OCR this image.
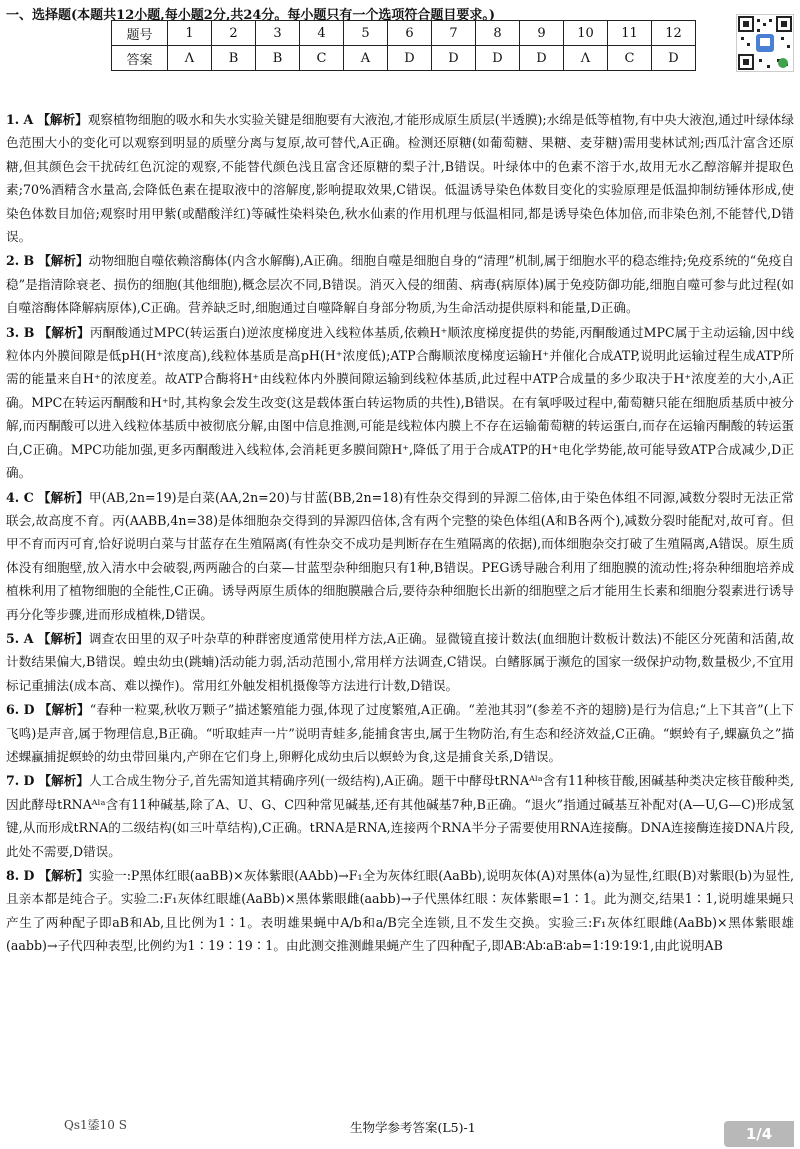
一、选择题(本题共12小题,每小题2分,共24分。每小题只有一个选项符合题目要求。)
题号	1	2	3	4	5	6	7	8	9	10	11	12
答案	Λ	B	B	C	A	D	D	D	D	Λ	C	D

1. A 【解析】观察植物细胞的吸水和失水实验关键是细胞要有大液泡,才能形成原生质层(半透膜);水绵是低等植物,有中央大液泡,通过叶绿体绿色范围大小的变化可以观察到明显的质壁分离与复原,故可替代,A正确。检测还原糖(如葡萄糖、果糖、麦芽糖)需用斐林试剂;西瓜汁富含还原糖,但其颜色会干扰砖红色沉淀的观察,不能替代颜色浅且富含还原糖的梨子汁,B错误。叶绿体中的色素不溶于水,故用无水乙醇溶解并提取色素;70%酒精含水量高,会降低色素在提取液中的溶解度,影响提取效果,C错误。低温诱导染色体数目变化的实验原理是低温抑制纺锤体形成,使染色体数目加倍;观察时用甲紫(或醋酸洋红)等碱性染料染色,秋水仙素的作用机理与低温相同,都是诱导染色体加倍,而非染色剂,不能替代,D错误。

2. B 【解析】动物细胞自噬依赖溶酶体(内含水解酶),A正确。细胞自噬是细胞自身的“清理”机制,属于细胞水平的稳态维持;免疫系统的“免疫自稳”是指清除衰老、损伤的细胞(其他细胞),概念层次不同,B错误。消灭入侵的细菌、病毒(病原体)属于免疫防御功能,细胞自噬可参与此过程(如自噬溶酶体降解病原体),C正确。营养缺乏时,细胞通过自噬降解自身部分物质,为生命活动提供原料和能量,D正确。

3. B 【解析】丙酮酸通过MPC(转运蛋白)逆浓度梯度进入线粒体基质,依赖H⁺顺浓度梯度提供的势能,丙酮酸通过MPC属于主动运输,因中线粒体内外膜间隙是低pH(H⁺浓度高),线粒体基质是高pH(H⁺浓度低);ATP合酶顺浓度梯度运输H⁺并催化合成ATP,说明此运输过程生成ATP所需的能量来自H⁺的浓度差。故ATP合酶将H⁺由线粒体内外膜间隙运输到线粒体基质,此过程中ATP合成量的多少取决于H⁺浓度差的大小,A正确。MPC在转运丙酮酸和H⁺时,其构象会发生改变(这是载体蛋白转运物质的共性),B错误。在有氧呼吸过程中,葡萄糖只能在细胞质基质中被分解,而丙酮酸可以进入线粒体基质中被彻底分解,由图中信息推测,可能是线粒体内膜上不存在运输葡萄糖的转运蛋白,而存在运输丙酮酸的转运蛋白,C正确。MPC功能加强,更多丙酮酸进入线粒体,会消耗更多膜间隙H⁺,降低了用于合成ATP的H⁺电化学势能,故可能导致ATP合成减少,D正确。

4. C 【解析】甲(AB,2n=19)是白菜(AA,2n=20)与甘蓝(BB,2n=18)有性杂交得到的异源二倍体,由于染色体组不同源,减数分裂时无法正常联会,故高度不育。丙(AABB,4n=38)是体细胞杂交得到的异源四倍体,含有两个完整的染色体组(A和B各两个),减数分裂时能配对,故可育。但甲不育而丙可育,恰好说明白菜与甘蓝存在生殖隔离(有性杂交不成功是判断存在生殖隔离的依据),而体细胞杂交打破了生殖隔离,A错误。原生质体没有细胞壁,放入清水中会破裂,两两融合的白菜—甘蓝型杂种细胞只有1种,B错误。PEG诱导融合利用了细胞膜的流动性;将杂种细胞培养成植株利用了植物细胞的全能性,C正确。诱导两原生质体的细胞膜融合后,要待杂种细胞长出新的细胞壁之后才能用生长素和细胞分裂素进行诱导再分化等步骤,进而形成植株,D错误。

5. A 【解析】调查农田里的双子叶杂草的种群密度通常使用样方法,A正确。显微镜直接计数法(血细胞计数板计数法)不能区分死菌和活菌,故计数结果偏大,B错误。蝗虫幼虫(跳蝻)活动能力弱,活动范围小,常用样方法调查,C错误。白鳍豚属于濒危的国家一级保护动物,数量极少,不宜用标记重捕法(成本高、难以操作)。常用红外触发相机摄像等方法进行计数,D错误。

6. D 【解析】“春种一粒粟,秋收万颗子”描述繁殖能力强,体现了过度繁殖,A正确。“差池其羽”(参差不齐的翅膀)是行为信息;“上下其音”(上下飞鸣)是声音,属于物理信息,B正确。“听取蛙声一片”说明青蛙多,能捕食害虫,属于生物防治,有生态和经济效益,C正确。“螟蛉有子,蜾蠃负之”描述蜾蠃捕捉螟蛉的幼虫带回巢内,产卵在它们身上,卵孵化成幼虫后以螟蛉为食,这是捕食关系,D错误。

7. D 【解析】人工合成生物分子,首先需知道其精确序列(一级结构),A正确。题干中酵母tRNAᴬˡᵃ含有11种核苷酸,困碱基种类决定核苷酸种类,因此酵母tRNAᴬˡᵃ含有11种碱基,除了A、U、G、C四种常见碱基,还有其他碱基7种,B正确。“退火”指通过碱基互补配对(A—U,G—C)形成氢键,从而形成tRNA的二级结构(如三叶草结构),C正确。tRNA是RNA,连接两个RNA半分子需要使用RNA连接酶。DNA连接酶连接DNA片段,此处不需要,D错误。

8. D 【解析】实验一:P黑体红眼(aaBB)×灰体紫眼(AAbb)→F₁全为灰体红眼(AaBb),说明灰体(A)对黑体(a)为显性,红眼(B)对紫眼(b)为显性,且亲本都是纯合子。实验二:F₁灰体红眼雄(AaBb)×黑体紫眼雌(aabb)→子代黑体红眼∶灰体紫眼=1∶1。此为测交,结果1∶1,说明雄果蝇只产生了两种配子即aB和Ab,且比例为1∶1。表明雄果蝇中A/b和a/B完全连锁,且不发生交换。实验三:F₁灰体红眼雌(AaBb)×黑体紫眼雄(aabb)→子代四种表型,比例约为1∶19∶19∶1。由此测交推测雌果蝇产生了四种配子,即AB∶Ab∶aB∶ab=1∶19∶19∶1,由此说明AB

Qs1鋈10 S	生物学参考答案(L5)-1	1/4
